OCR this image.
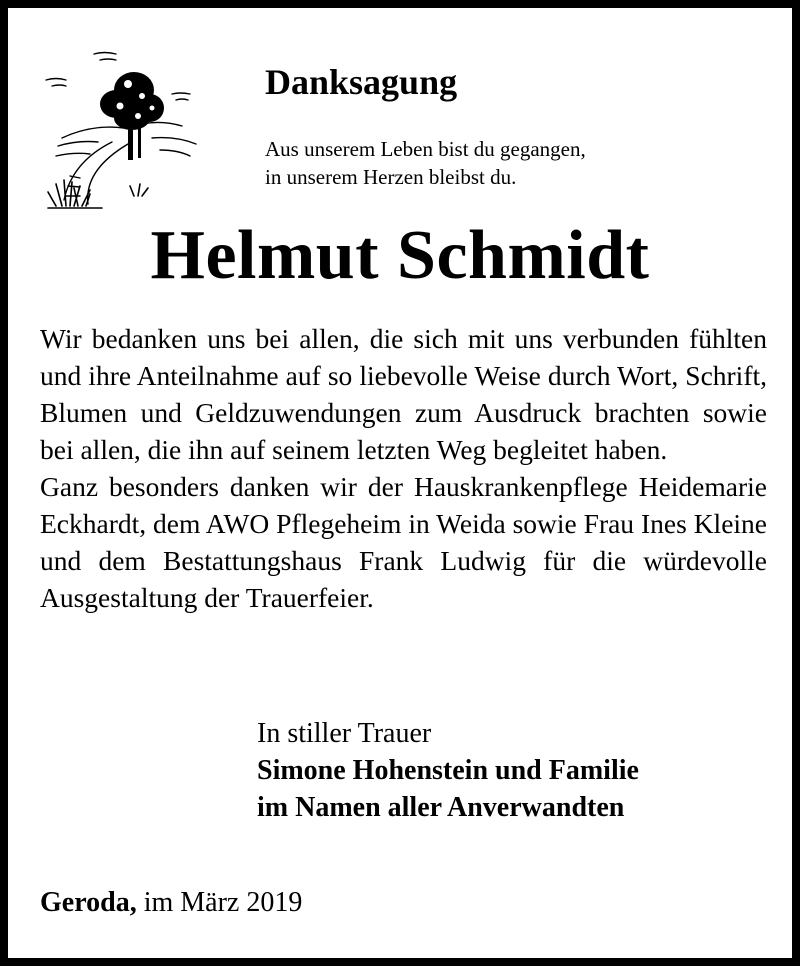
Danksagung
Aus unserem Leben bist du gegangen,
in unserem Herzen bleibst du.
Helmut Schmidt

Wir bedanken uns bei allen, die sich mit uns verbunden fühlten und ihre Anteilnahme auf so liebevolle Weise durch Wort, Schrift, Blumen und Geldzuwendungen zum Ausdruck brachten sowie bei allen, die ihn auf seinem letzten Weg begleitet haben.

Ganz besonders danken wir der Hauskrankenpflege Heidemarie Eckhardt, dem AWO Pflegeheim in Weida sowie Frau Ines Kleine und dem Bestattungshaus Frank Ludwig für die würdevolle Ausgestaltung der Trauerfeier.

In stiller Trauer
Simone Hohenstein und Familie
im Namen aller Anverwandten
Geroda, im März 2019
